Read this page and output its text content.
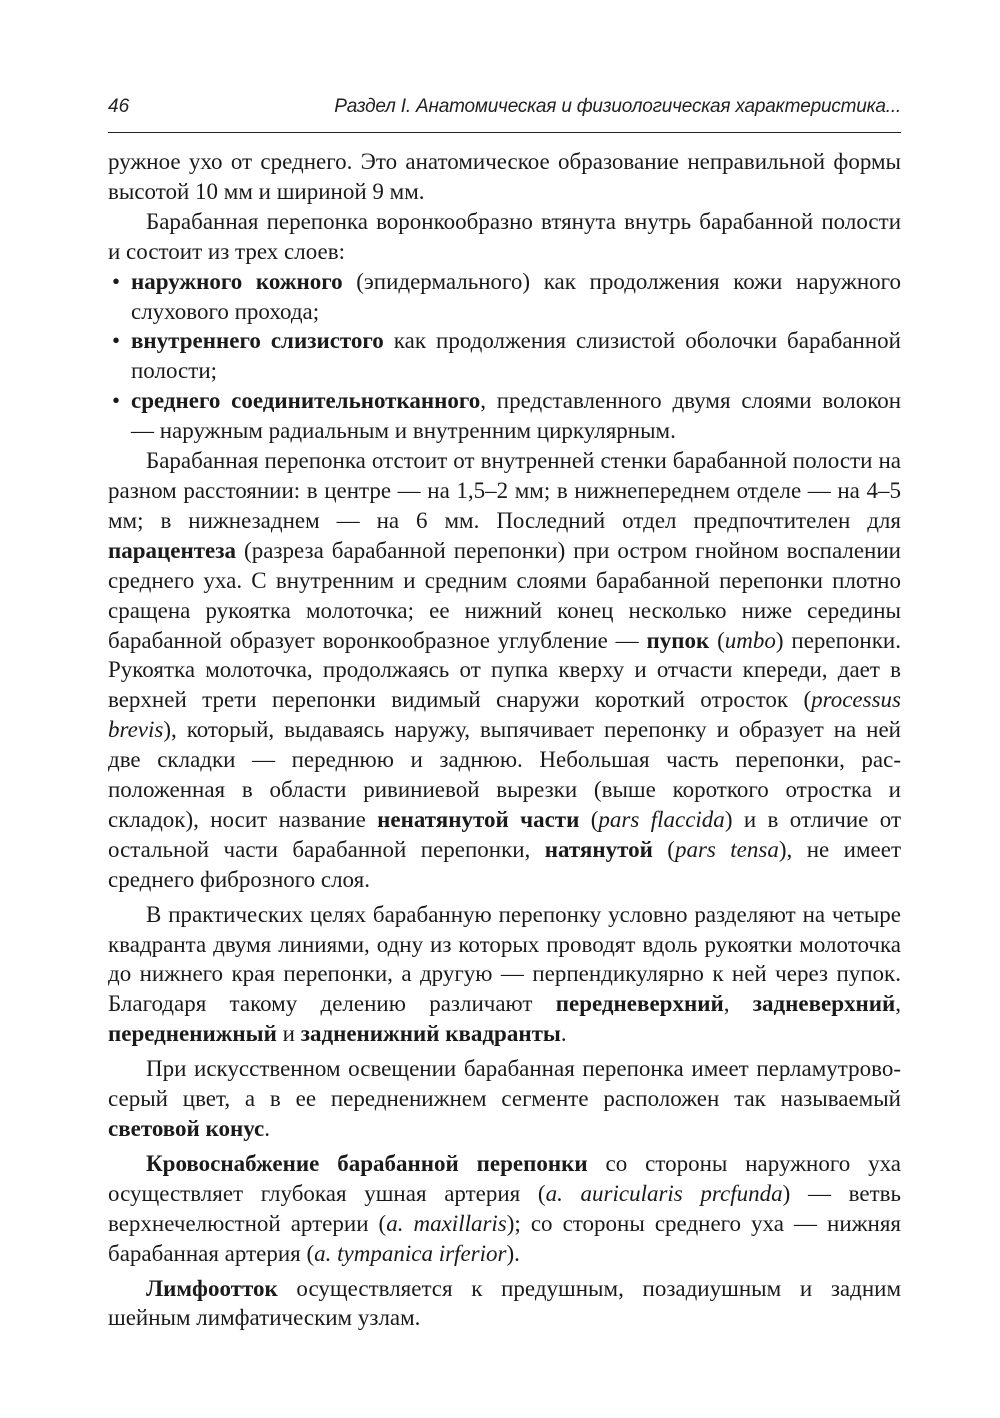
46	Раздел I. Анатомическая и физиологическая характеристика...

ружное ухо от среднего. Это анатомическое образование неправильной формы высотой 10 мм и шириной 9 мм.

Барабанная перепонка воронкообразно втянута внутрь барабанной полости и состоит из трех слоев:

• наружного кожного (эпидермального) как продолжения кожи наружного слухового прохода;
• внутреннего слизистого как продолжения слизистой оболочки барабанной полости;
• среднего соединительнотканного, представленного двумя слоями волокон — наружным радиальным и внутренним циркулярным.

Барабанная перепонка отстоит от внутренней стенки барабанной полости на разном расстоянии: в центре — на 1,5–2 мм; в нижнепереднем отделе — на 4–5 мм; в нижнезаднем — на 6 мм. Последний отдел предпочтителен для парацентеза (разреза барабанной перепонки) при остром гнойном воспалении среднего уха. С внутренним и средним слоями барабанной перепонки плотно сращена рукоятка молоточка; ее нижний конец несколько ниже середины барабанной образует воронкообразное углубление — пупок (umbo) перепонки. Рукоятка молоточка, продолжаясь от пупка кверху и отчасти кпереди, дает в верхней трети перепонки видимый снаружи короткий отросток (processus brevis), который, выдаваясь наружу, выпячивает перепонку и образует на ней две складки — переднюю и заднюю. Небольшая часть перепонки, расположенная в области ривиниевой вырезки (выше короткого отростка и складок), носит название ненатянутой части (pars flaccida) и в отличие от остальной части барабанной перепонки, натянутой (pars tensa), не имеет среднего фиброзного слоя.

В практических целях барабанную перепонку условно разделяют на четыре квадранта двумя линиями, одну из которых проводят вдоль рукоятки молоточка до нижнего края перепонки, а другую — перпендикулярно к ней через пупок. Благодаря такому делению различают передневерхний, задневерхний, передненижный и задненижний квадранты.

При искусственном освещении барабанная перепонка имеет перламутрово-серый цвет, а в ее передненижнем сегменте расположен так называемый световой конус.

Кровоснабжение барабанной перепонки со стороны наружного уха осуществляет глубокая ушная артерия (a. auricularis prcfunda) — ветвь верхнечелюстной артерии (a. maxillaris); со стороны среднего уха — нижняя барабанная артерия (a. tympanica irferior).

Лимфоотток осуществляется к предушным, позадиушным и задним шейным лимфатическим узлам.
